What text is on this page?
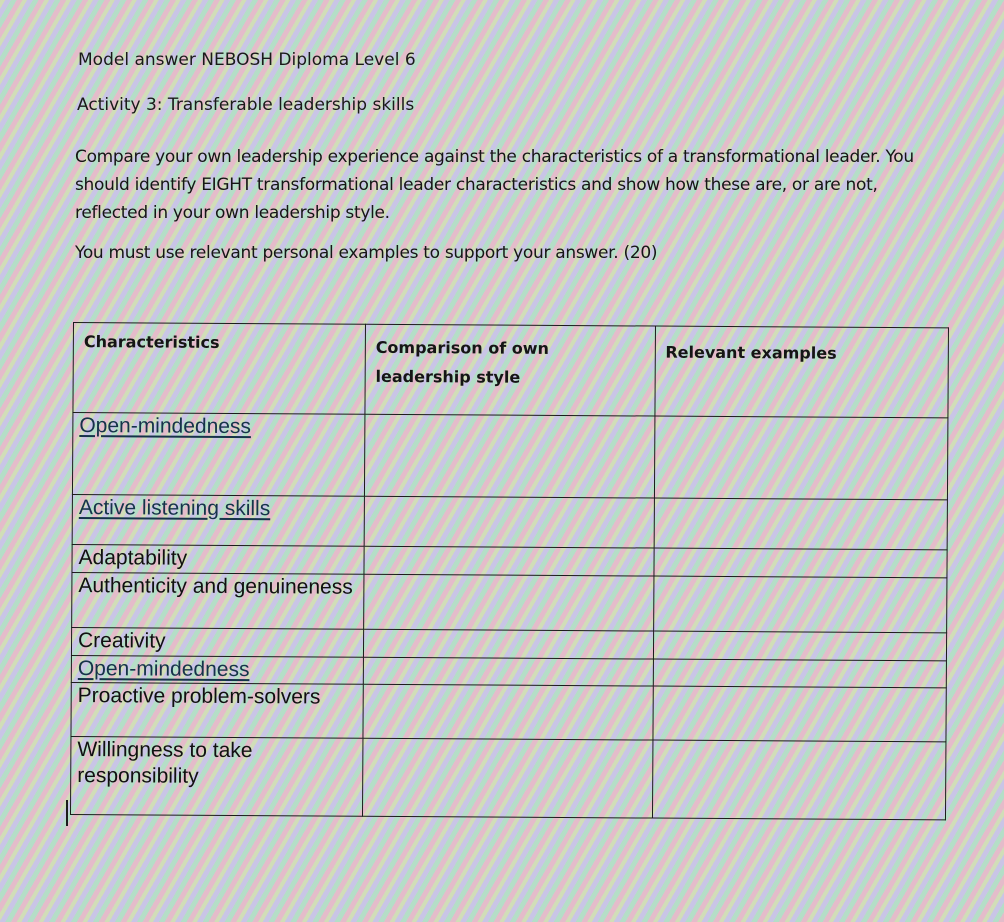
Model answer NEBOSH Diploma Level 6
Activity 3: Transferable leadership skills

Compare your own leadership experience against the characteristics of a transformational leader. You should identify EIGHT transformational leader characteristics and show how these are, or are not, reflected in your own leadership style.

You must use relevant personal examples to support your answer. (20)

Characteristics	Comparison of own leadership style	Relevant examples
Open-mindedness		
Active listening skills		
Adaptability		
Authenticity and genuineness		
Creativity		
Open-mindedness		
Proactive problem-solvers		
Willingness to take responsibility		
